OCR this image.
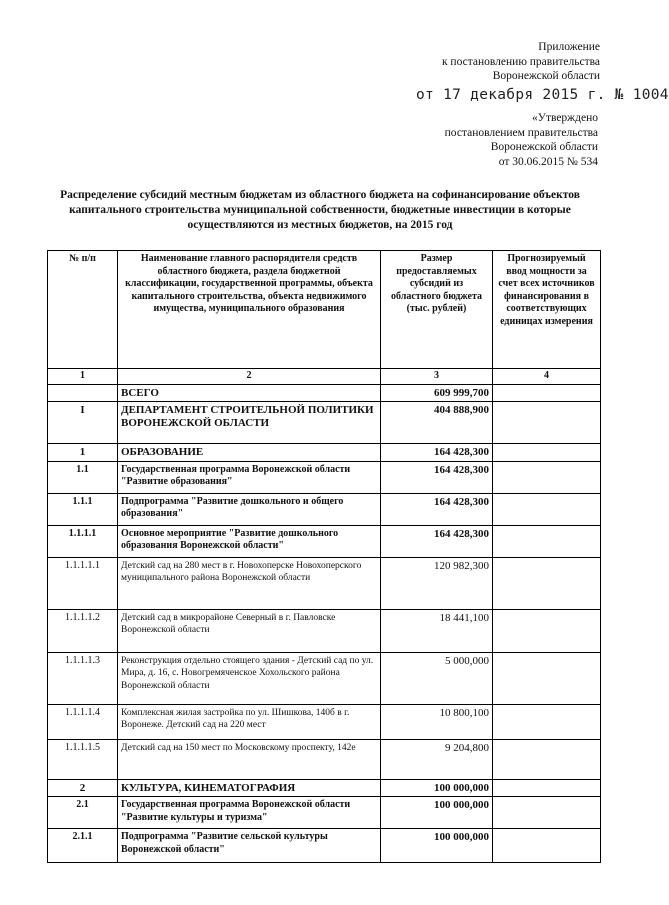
Приложение
к постановлению правительства
Воронежской области
от 17 декабря 2015 г. № 1004
«Утверждено
постановлением правительства
Воронежской области
от 30.06.2015 № 534
Распределение субсидий местным бюджетам из областного бюджета на софинансирование объектов капитального строительства муниципальной собственности, бюджетные инвестиции в которые осуществляются из местных бюджетов, на 2015 год
№ п/п	Наименование главного распорядителя средств областного бюджета, раздела бюджетной классификации, государственной программы, объекта капитального строительства, объекта недвижимого имущества, муниципального образования	Размер предоставляемых субсидий из областного бюджета (тыс. рублей)	Прогнозируемый ввод мощности за счет всех источников финансирования в соответствующих единицах измерения
1	2	3	4
	ВСЕГО	609 999,700	
I	ДЕПАРТАМЕНТ СТРОИТЕЛЬНОЙ ПОЛИТИКИ ВОРОНЕЖСКОЙ ОБЛАСТИ	404 888,900	
1	ОБРАЗОВАНИЕ	164 428,300	
1.1	Государственная программа Воронежской области "Развитие образования"	164 428,300	
1.1.1	Подпрограмма "Развитие дошкольного и общего образования"	164 428,300	
1.1.1.1	Основное мероприятие "Развитие дошкольного образования Воронежской области"	164 428,300	
1.1.1.1.1	Детский сад на 280 мест в г. Новохоперске Новохоперского муниципального района Воронежской области	120 982,300	
1.1.1.1.2	Детский сад в микрорайоне Северный в г. Павловске Воронежской области	18 441,100	
1.1.1.1.3	Реконструкция отдельно стоящего здания - Детский сад по ул. Мира, д. 16, с. Новогремяченское Хохольского района Воронежской области	5 000,000	
1.1.1.1.4	Комплексная жилая застройка по ул. Шишкова, 140б в г. Воронеже. Детский сад на 220 мест	10 800,100	
1.1.1.1.5	Детский сад на 150 мест по Московскому проспекту, 142е	9 204,800	
2	КУЛЬТУРА, КИНЕМАТОГРАФИЯ	100 000,000	
2.1	Государственная программа Воронежской области "Развитие культуры и туризма"	100 000,000	
2.1.1	Подпрограмма "Развитие сельской культуры Воронежской области"	100 000,000	
